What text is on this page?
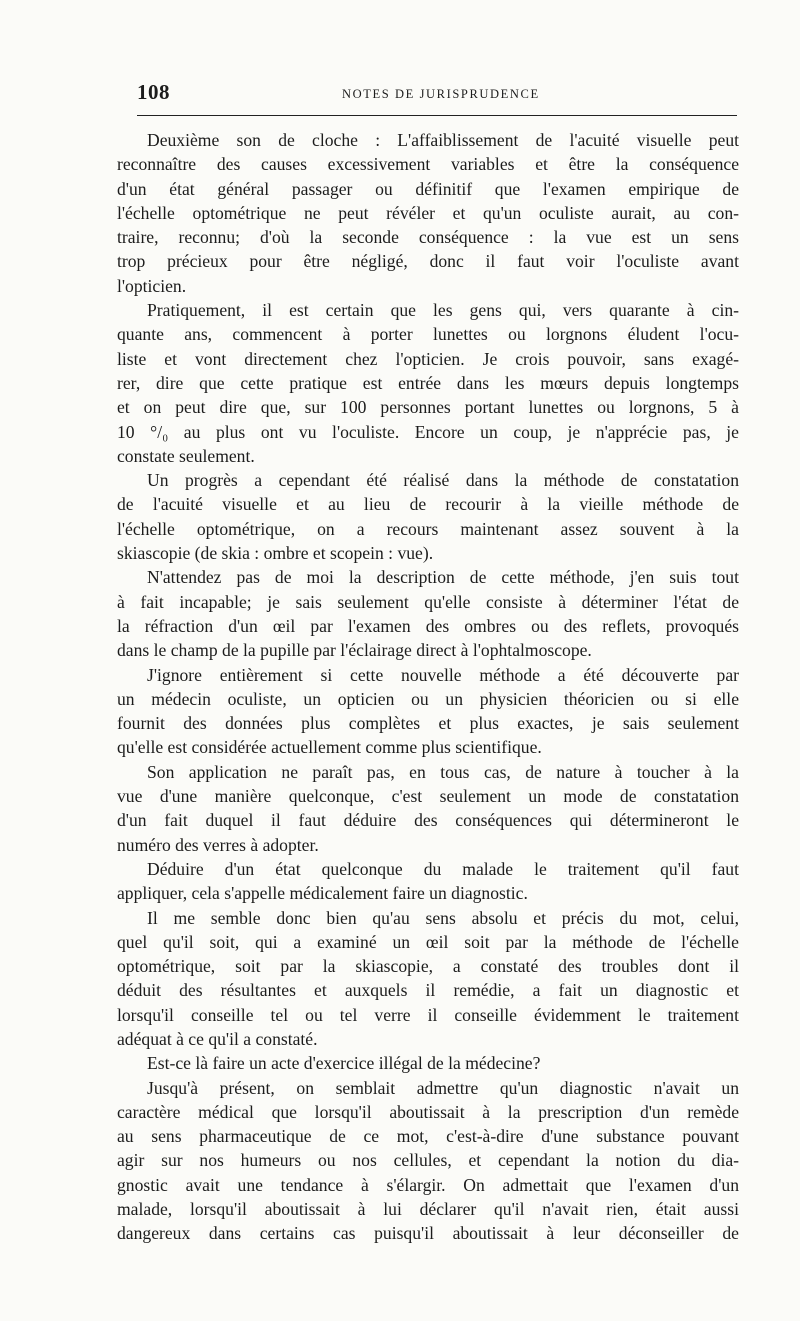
108	NOTES DE JURISPRUDENCE

Deuxième son de cloche : L'affaiblissement de l'acuité visuelle peut
reconnaître des causes excessivement variables et être la conséquence
d'un état général passager ou définitif que l'examen empirique de
l'échelle optométrique ne peut révéler et qu'un oculiste aurait, au con-
traire, reconnu; d'où la seconde conséquence : la vue est un sens
trop précieux pour être négligé, donc il faut voir l'oculiste avant
l'opticien.

Pratiquement, il est certain que les gens qui, vers quarante à cin-
quante ans, commencent à porter lunettes ou lorgnons éludent l'ocu-
liste et vont directement chez l'opticien. Je crois pouvoir, sans exagé-
rer, dire que cette pratique est entrée dans les mœurs depuis longtemps
et on peut dire que, sur 100 personnes portant lunettes ou lorgnons, 5 à
10 °/₀ au plus ont vu l'oculiste. Encore un coup, je n'apprécie pas, je
constate seulement.

Un progrès a cependant été réalisé dans la méthode de constatation
de l'acuité visuelle et au lieu de recourir à la vieille méthode de
l'échelle optométrique, on a recours maintenant assez souvent à la
skiascopie (de skia : ombre et scopein : vue).

N'attendez pas de moi la description de cette méthode, j'en suis tout
à fait incapable; je sais seulement qu'elle consiste à déterminer l'état de
la réfraction d'un œil par l'examen des ombres ou des reflets, provoqués
dans le champ de la pupille par l'éclairage direct à l'ophtalmoscope.

J'ignore entièrement si cette nouvelle méthode a été découverte par
un médecin oculiste, un opticien ou un physicien théoricien ou si elle
fournit des données plus complètes et plus exactes, je sais seulement
qu'elle est considérée actuellement comme plus scientifique.

Son application ne paraît pas, en tous cas, de nature à toucher à la
vue d'une manière quelconque, c'est seulement un mode de constatation
d'un fait duquel il faut déduire des conséquences qui détermineront le
numéro des verres à adopter.

Déduire d'un état quelconque du malade le traitement qu'il faut
appliquer, cela s'appelle médicalement faire un diagnostic.

Il me semble donc bien qu'au sens absolu et précis du mot, celui,
quel qu'il soit, qui a examiné un œil soit par la méthode de l'échelle
optométrique, soit par la skiascopie, a constaté des troubles dont il
déduit des résultantes et auxquels il remédie, a fait un diagnostic et
lorsqu'il conseille tel ou tel verre il conseille évidemment le traitement
adéquat à ce qu'il a constaté.

Est-ce là faire un acte d'exercice illégal de la médecine?

Jusqu'à présent, on semblait admettre qu'un diagnostic n'avait un
caractère médical que lorsqu'il aboutissait à la prescription d'un remède
au sens pharmaceutique de ce mot, c'est-à-dire d'une substance pouvant
agir sur nos humeurs ou nos cellules, et cependant la notion du dia-
gnostic avait une tendance à s'élargir. On admettait que l'examen d'un
malade, lorsqu'il aboutissait à lui déclarer qu'il n'avait rien, était aussi
dangereux dans certains cas puisqu'il aboutissait à leur déconseiller de
